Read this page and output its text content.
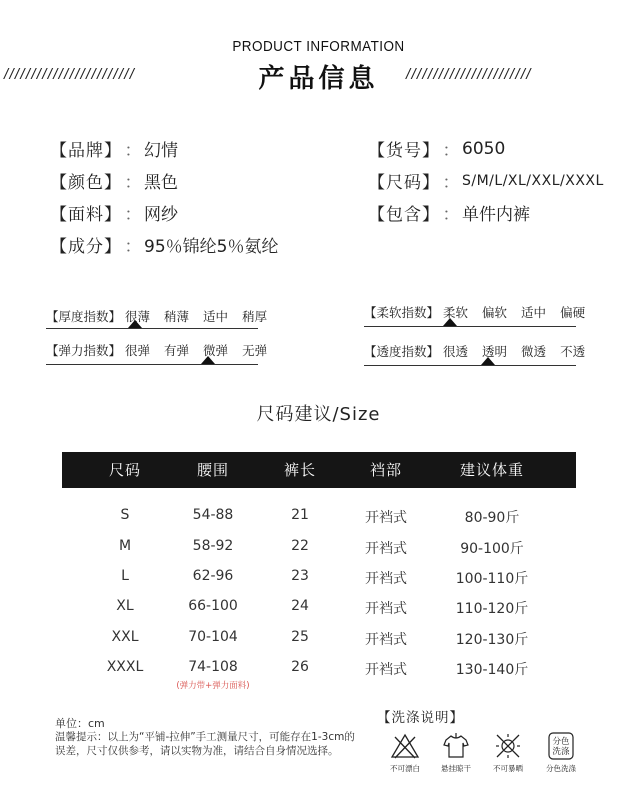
PRODUCT INFORMATION
////////////////////////	产品信息	///////////////////////
【品牌】 ： 幻情
【颜色】 ： 黑色
【面料】 ： 网纱
【成分】 ： 95％锦纶5％氨纶
【货号】 ： 6050
【尺码】 ： S/M/L/XL/XXL/XXXL
【包含】 ： 单件内裤
【厚度指数】 很薄 稍薄 适中 稍厚
【弹力指数】 很弹 有弹 微弹 无弹
【柔软指数】 柔软 偏软 适中 偏硬
【透度指数】 很透 透明 微透 不透
尺码建议/Size
尺码	腰围	裤长	裆部	建议体重
S	54-88	21	开裆式	80-90斤
M	58-92	22	开裆式	90-100斤
L	62-96	23	开裆式	100-110斤
XL	66-100	24	开裆式	110-120斤
XXL	70-104	25	开裆式	120-130斤
XXXL	74-108	26	开裆式	130-140斤
(弹力带+弹力面料)
单位：cm
温馨提示：以上为“平铺-拉伸”手工测量尺寸，可能存在1-3cm的误差，尺寸仅供参考，请以实物为准，请结合自身情况选择。
【洗涤说明】
不可漂白	悬挂晾干	不可暴晒
分色
洗涤
分色洗涤
